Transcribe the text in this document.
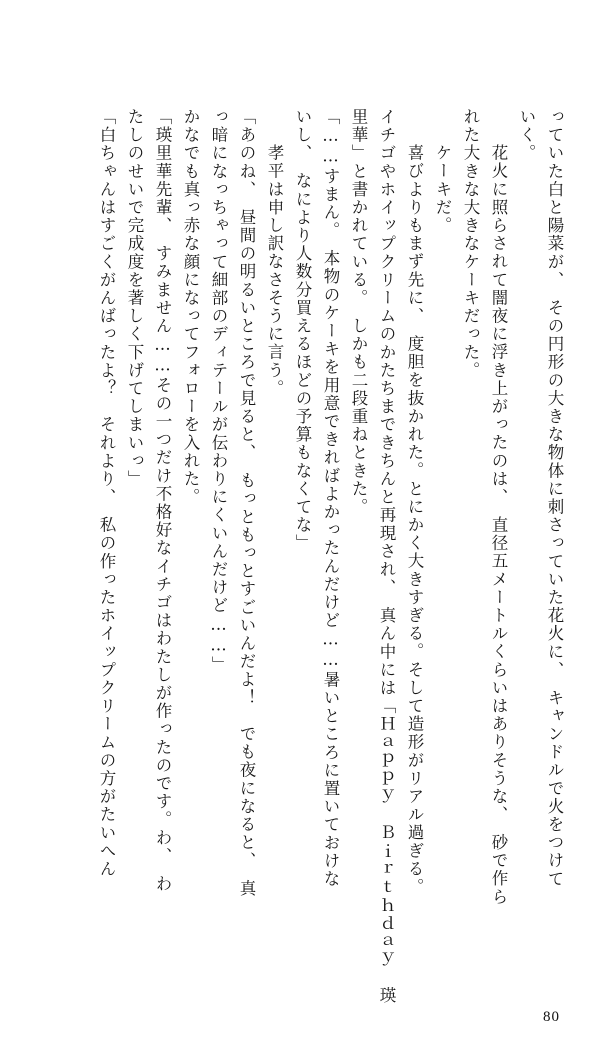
っていた白と陽菜が、　その円形の大きな物体に刺さっていた花火に、　キャンドルで火をつけて
いく。
　花火に照らされて闇夜に浮き上がったのは、　直径五メートルくらいはありそうな、　砂で作ら
れた大きな大きなケーキだった。
　ケーキだ。
　喜びよりもまず先に、　度胆を抜かれた。とにかく大きすぎる。そして造形がリアル過ぎる。
イチゴやホイップクリームのかたちまできちんと再現され、　真ん中には「Ｈａｐｐｙ　Ｂｉｒｔｈｄａｙ　瑛
里華」と書かれている。　しかも二段重ねときた。
「……すまん。　本物のケーキを用意できればよかったんだけど……暑いところに置いておけな
いし、　なにより人数分買えるほどの予算もなくてな」
　孝平は申し訳なさそうに言う。
「あのね、　昼間の明るいところで見ると、　もっともっとすごいんだよ！　でも夜になると、　真
っ暗になっちゃって細部のディテールが伝わりにくいんだけど……」
かなでも真っ赤な顔になってフォローを入れた。
「瑛里華先輩、　すみません……その一つだけ不格好なイチゴはわたしが作ったのです。わ、　わ
たしのせいで完成度を著しく下げてしまいっ」
「白ちゃんはすごくがんばったよ？　それより、　私の作ったホイップクリームの方がたいへん
80
